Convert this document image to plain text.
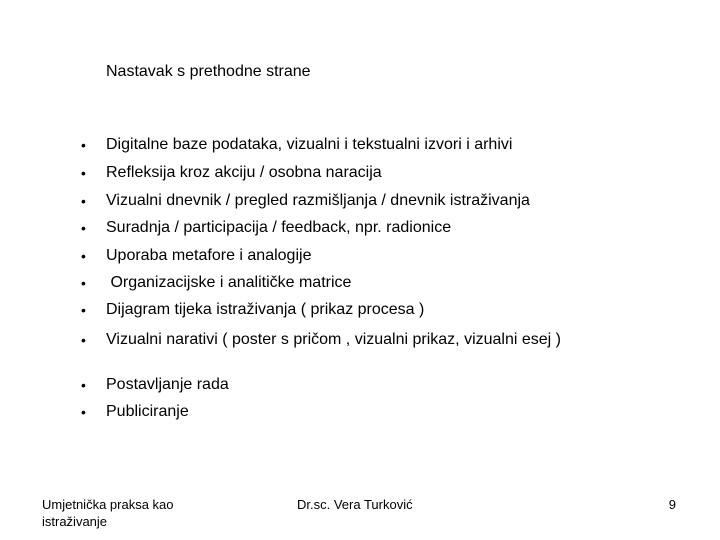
Nastavak s prethodne strane
• Digitalne baze podataka, vizualni i tekstualni izvori i arhivi
• Refleksija kroz akciju / osobna naracija
• Vizualni dnevnik / pregled razmišljanja / dnevnik istraživanja
• Suradnja / participacija / feedback, npr. radionice
• Uporaba metafore i analogije
• Organizacijske i analitičke matrice
• Dijagram tijeka istraživanja ( prikaz procesa )
• Vizualni narativi ( poster s pričom , vizualni prikaz, vizualni esej )
• Postavljanje rada
• Publiciranje
Umjetnička praksa kao istraživanje
Dr.sc. Vera Turković	9
